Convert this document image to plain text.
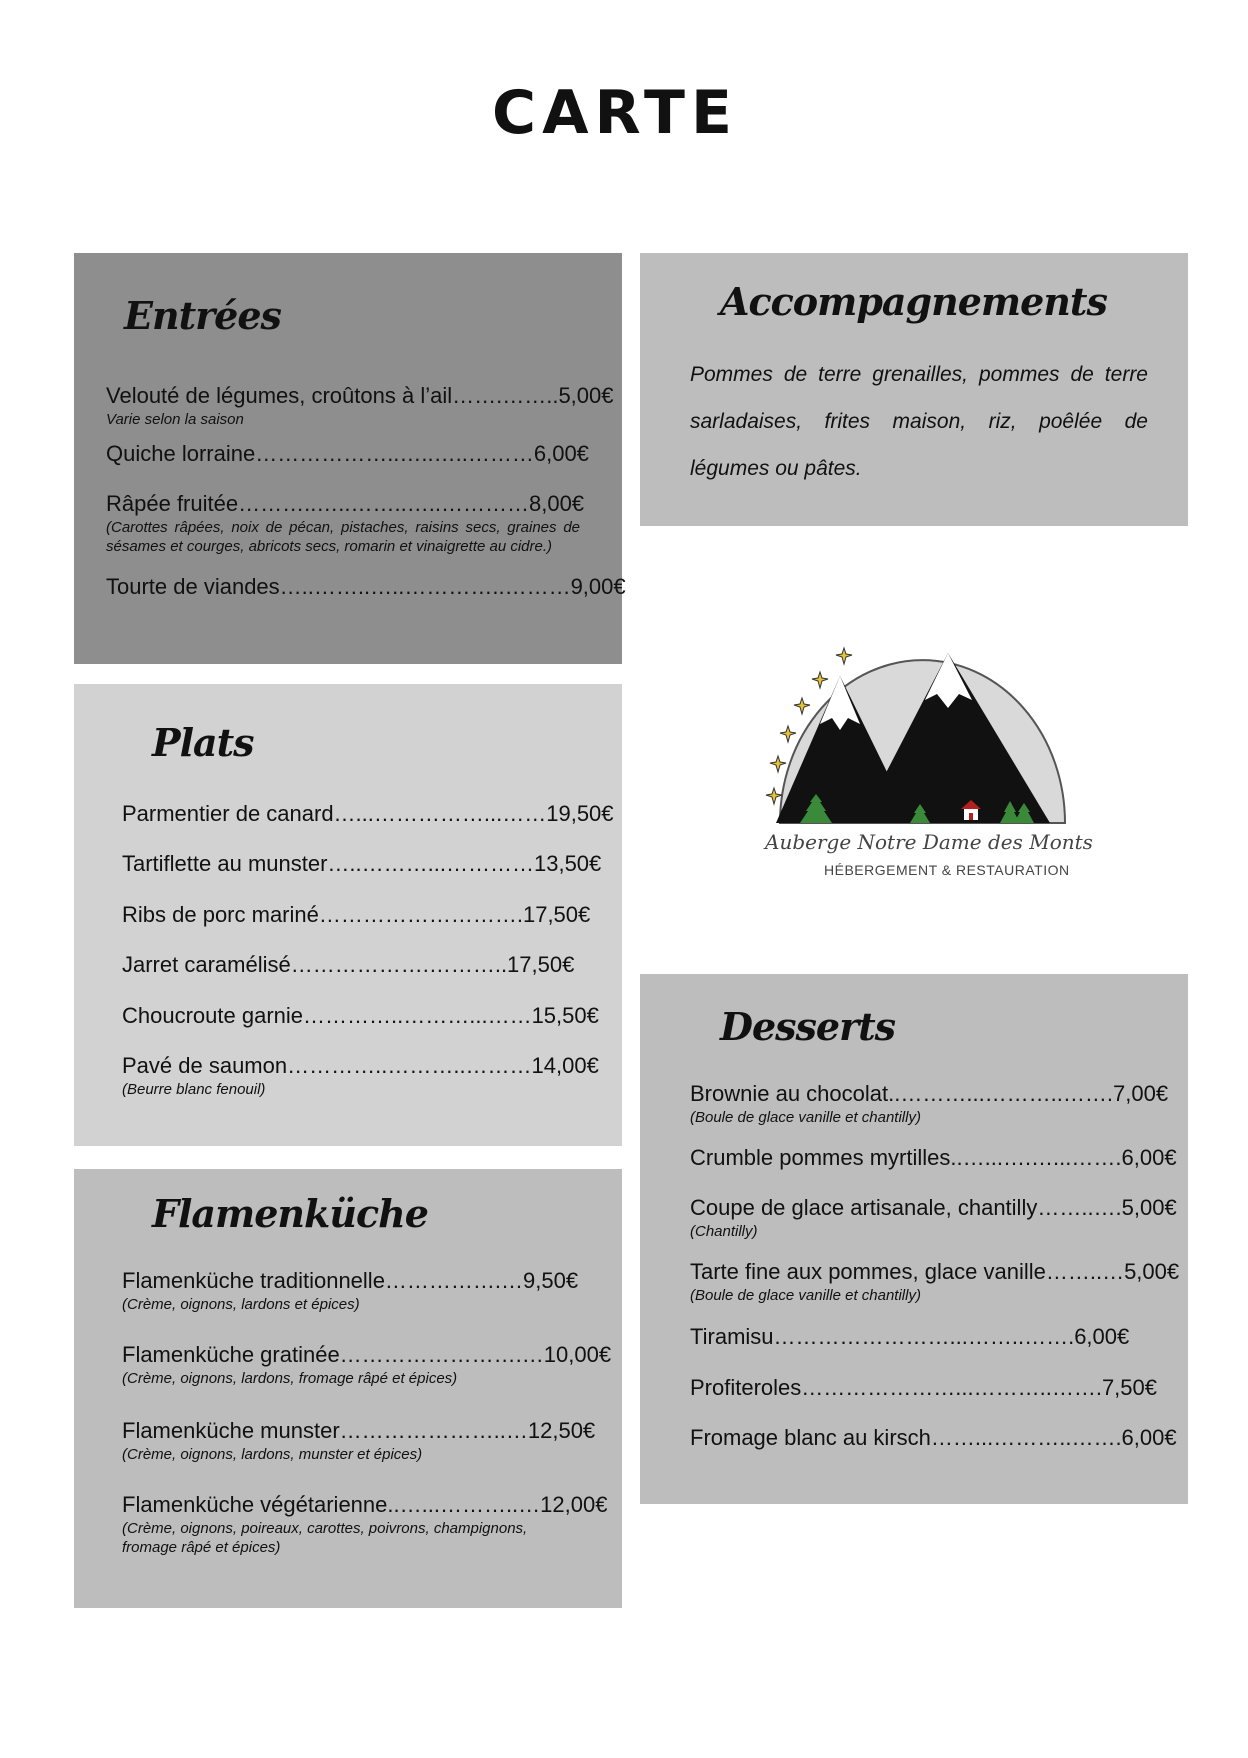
CARTE
Entrées
Velouté de légumes, croûtons à l’ail…….……..5,00€
Varie selon la saison
Quiche lorraine………………..…..…..………6,00€
Râpée fruitée………..…..……..…..…………8,00€
(Carottes râpées, noix de pécan, pistaches, raisins secs, graines de sésames et courges, abricots secs, romarin et vinaigrette au cidre.)
Tourte de viandes…..……..…..…………..………9,00€
Accompagnements
Pommes de terre grenailles, pommes de terre sarladaises, frites maison, riz, poêlée de légumes ou pâtes.
Auberge Notre Dame des Monts
HÉBERGEMENT & RESTAURATION
Plats
Parmentier de canard…...……………...……19,50€
Tartiflette au munster…..………...…………13,50€
Ribs de porc mariné……………………….17,50€
Jarret caramélisé……………….………..17,50€
Choucroute garnie…………..………...……15,50€
Pavé de saumon…………..………..………14,00€
(Beurre blanc fenouil)
Flamenküche
Flamenküche traditionnelle…………….…9,50€
(Crème, oignons, lardons et épices)
Flamenküche gratinée…………………….…10,00€
(Crème, oignons, lardons, fromage râpé et épices)
Flamenküche munster…………………..…12,50€
(Crème, oignons, lardons, munster et épices)
Flamenküche végétarienne..…...………..…12,00€
(Crème, oignons, poireaux, carottes, poivrons, champignons, fromage râpé et épices)
Desserts
Brownie au chocolat..………...………..…….7,00€
(Boule de glace vanille et chantilly)
Crumble pommes myrtilles..…...….…...…….6,00€
Coupe de glace artisanale, chantilly……..….5,00€
(Chantilly)
Tarte fine aux pommes, glace vanille……..…5,00€
(Boule de glace vanille et chantilly)
Tiramisu……………………...……..…….6,00€
Profiteroles…………………...………..…….7,50€
Fromage blanc au kirsch……...………..…….6,00€
